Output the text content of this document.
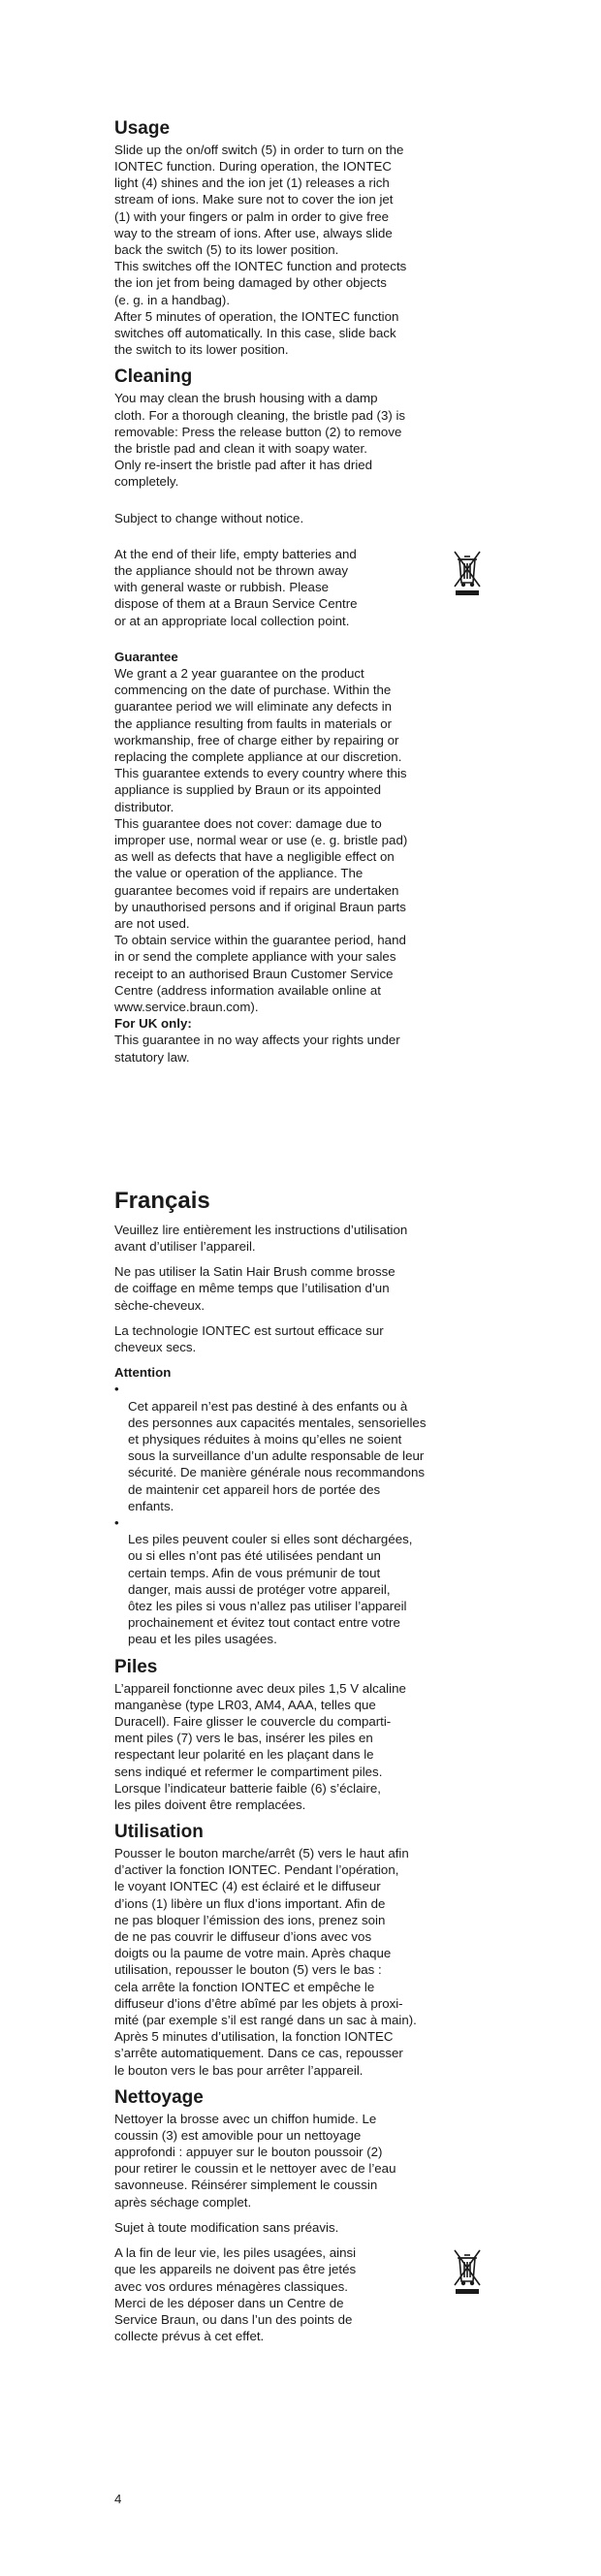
Usage

Slide up the on/off switch (5) in order to turn on the
IONTEC function. During operation, the IONTEC
light (4) shines and the ion jet (1) releases a rich
stream of ions. Make sure not to cover the ion jet
(1) with your fingers or palm in order to give free
way to the stream of ions. After use, always slide
back the switch (5) to its lower position.
This switches off the IONTEC function and protects
the ion jet from being damaged by other objects
(e. g. in a handbag).
After 5 minutes of operation, the IONTEC function
switches off automatically. In this case, slide back
the switch to its lower position.

Cleaning

You may clean the brush housing with a damp
cloth. For a thorough cleaning, the bristle pad (3) is
removable: Press the release button (2) to remove
the bristle pad and clean it with soapy water.
Only re-insert the bristle pad after it has dried
completely.

Subject to change without notice.

At the end of their life, empty batteries and
the appliance should not be thrown away
with general waste or rubbish. Please
dispose of them at a Braun Service Centre
or at an appropriate local collection point.

Guarantee

We grant a 2 year guarantee on the product
commencing on the date of purchase. Within the
guarantee period we will eliminate any defects in
the appliance resulting from faults in materials or
workmanship, free of charge either by repairing or
replacing the complete appliance at our discretion.
This guarantee extends to every country where this
appliance is supplied by Braun or its appointed
distributor.

This guarantee does not cover: damage due to
improper use, normal wear or use (e. g. bristle pad)
as well as defects that have a negligible effect on
the value or operation of the appliance. The
guarantee becomes void if repairs are undertaken
by unauthorised persons and if original Braun parts
are not used.

To obtain service within the guarantee period, hand
in or send the complete appliance with your sales
receipt to an authorised Braun Customer Service
Centre (address information available online at
www.service.braun.com).

For UK only:

This guarantee in no way affects your rights under
statutory law.

Français

Veuillez lire entièrement les instructions d’utilisation
avant d’utiliser l’appareil.

Ne pas utiliser la Satin Hair Brush comme brosse
de coiffage en même temps que l’utilisation d’un
sèche-cheveux.

La technologie IONTEC est surtout efficace sur
cheveux secs.

Attention

•
Cet appareil n’est pas destiné à des enfants ou à
des personnes aux capacités mentales, sensorielles
et physiques réduites à moins qu’elles ne soient
sous la surveillance d’un adulte responsable de leur
sécurité. De manière générale nous recommandons
de maintenir cet appareil hors de portée des
enfants.

•
Les piles peuvent couler si elles sont déchargées,
ou si elles n’ont pas été utilisées pendant un
certain temps. Afin de vous prémunir de tout
danger, mais aussi de protéger votre appareil,
ôtez les piles si vous n’allez pas utiliser l’appareil
prochainement et évitez tout contact entre votre
peau et les piles usagées.

Piles

L’appareil fonctionne avec deux piles 1,5 V alcaline
manganèse (type LR03, AM4, AAA, telles que
Duracell). Faire glisser le couvercle du comparti-
ment piles (7) vers le bas, insérer les piles en
respectant leur polarité en les plaçant dans le
sens indiqué et refermer le compartiment piles.
Lorsque l’indicateur batterie faible (6) s’éclaire,
les piles doivent être remplacées.

Utilisation

Pousser le bouton marche/arrêt (5) vers le haut afin
d’activer la fonction IONTEC. Pendant l’opération,
le voyant IONTEC (4) est éclairé et le diffuseur
d’ions (1) libère un flux d’ions important. Afin de
ne pas bloquer l’émission des ions, prenez soin
de ne pas couvrir le diffuseur d’ions avec vos
doigts ou la paume de votre main. Après chaque
utilisation, repousser le bouton (5) vers le bas :
cela arrête la fonction IONTEC et empêche le
diffuseur d’ions d’être abîmé par les objets à proxi-
mité (par exemple s’il est rangé dans un sac à main).
Après 5 minutes d’utilisation, la fonction IONTEC
s’arrête automatiquement. Dans ce cas, repousser
le bouton vers le bas pour arrêter l’appareil.

Nettoyage

Nettoyer la brosse avec un chiffon humide. Le
coussin (3) est amovible pour un nettoyage
approfondi : appuyer sur le bouton poussoir (2)
pour retirer le coussin et le nettoyer avec de l’eau
savonneuse. Réinsérer simplement le coussin
après séchage complet.

Sujet à toute modification sans préavis.

A la fin de leur vie, les piles usagées, ainsi
que les appareils ne doivent pas être jetés
avec vos ordures ménagères classiques.
Merci de les déposer dans un Centre de
Service Braun, ou dans l’un des points de
collecte prévus à cet effet.

4
